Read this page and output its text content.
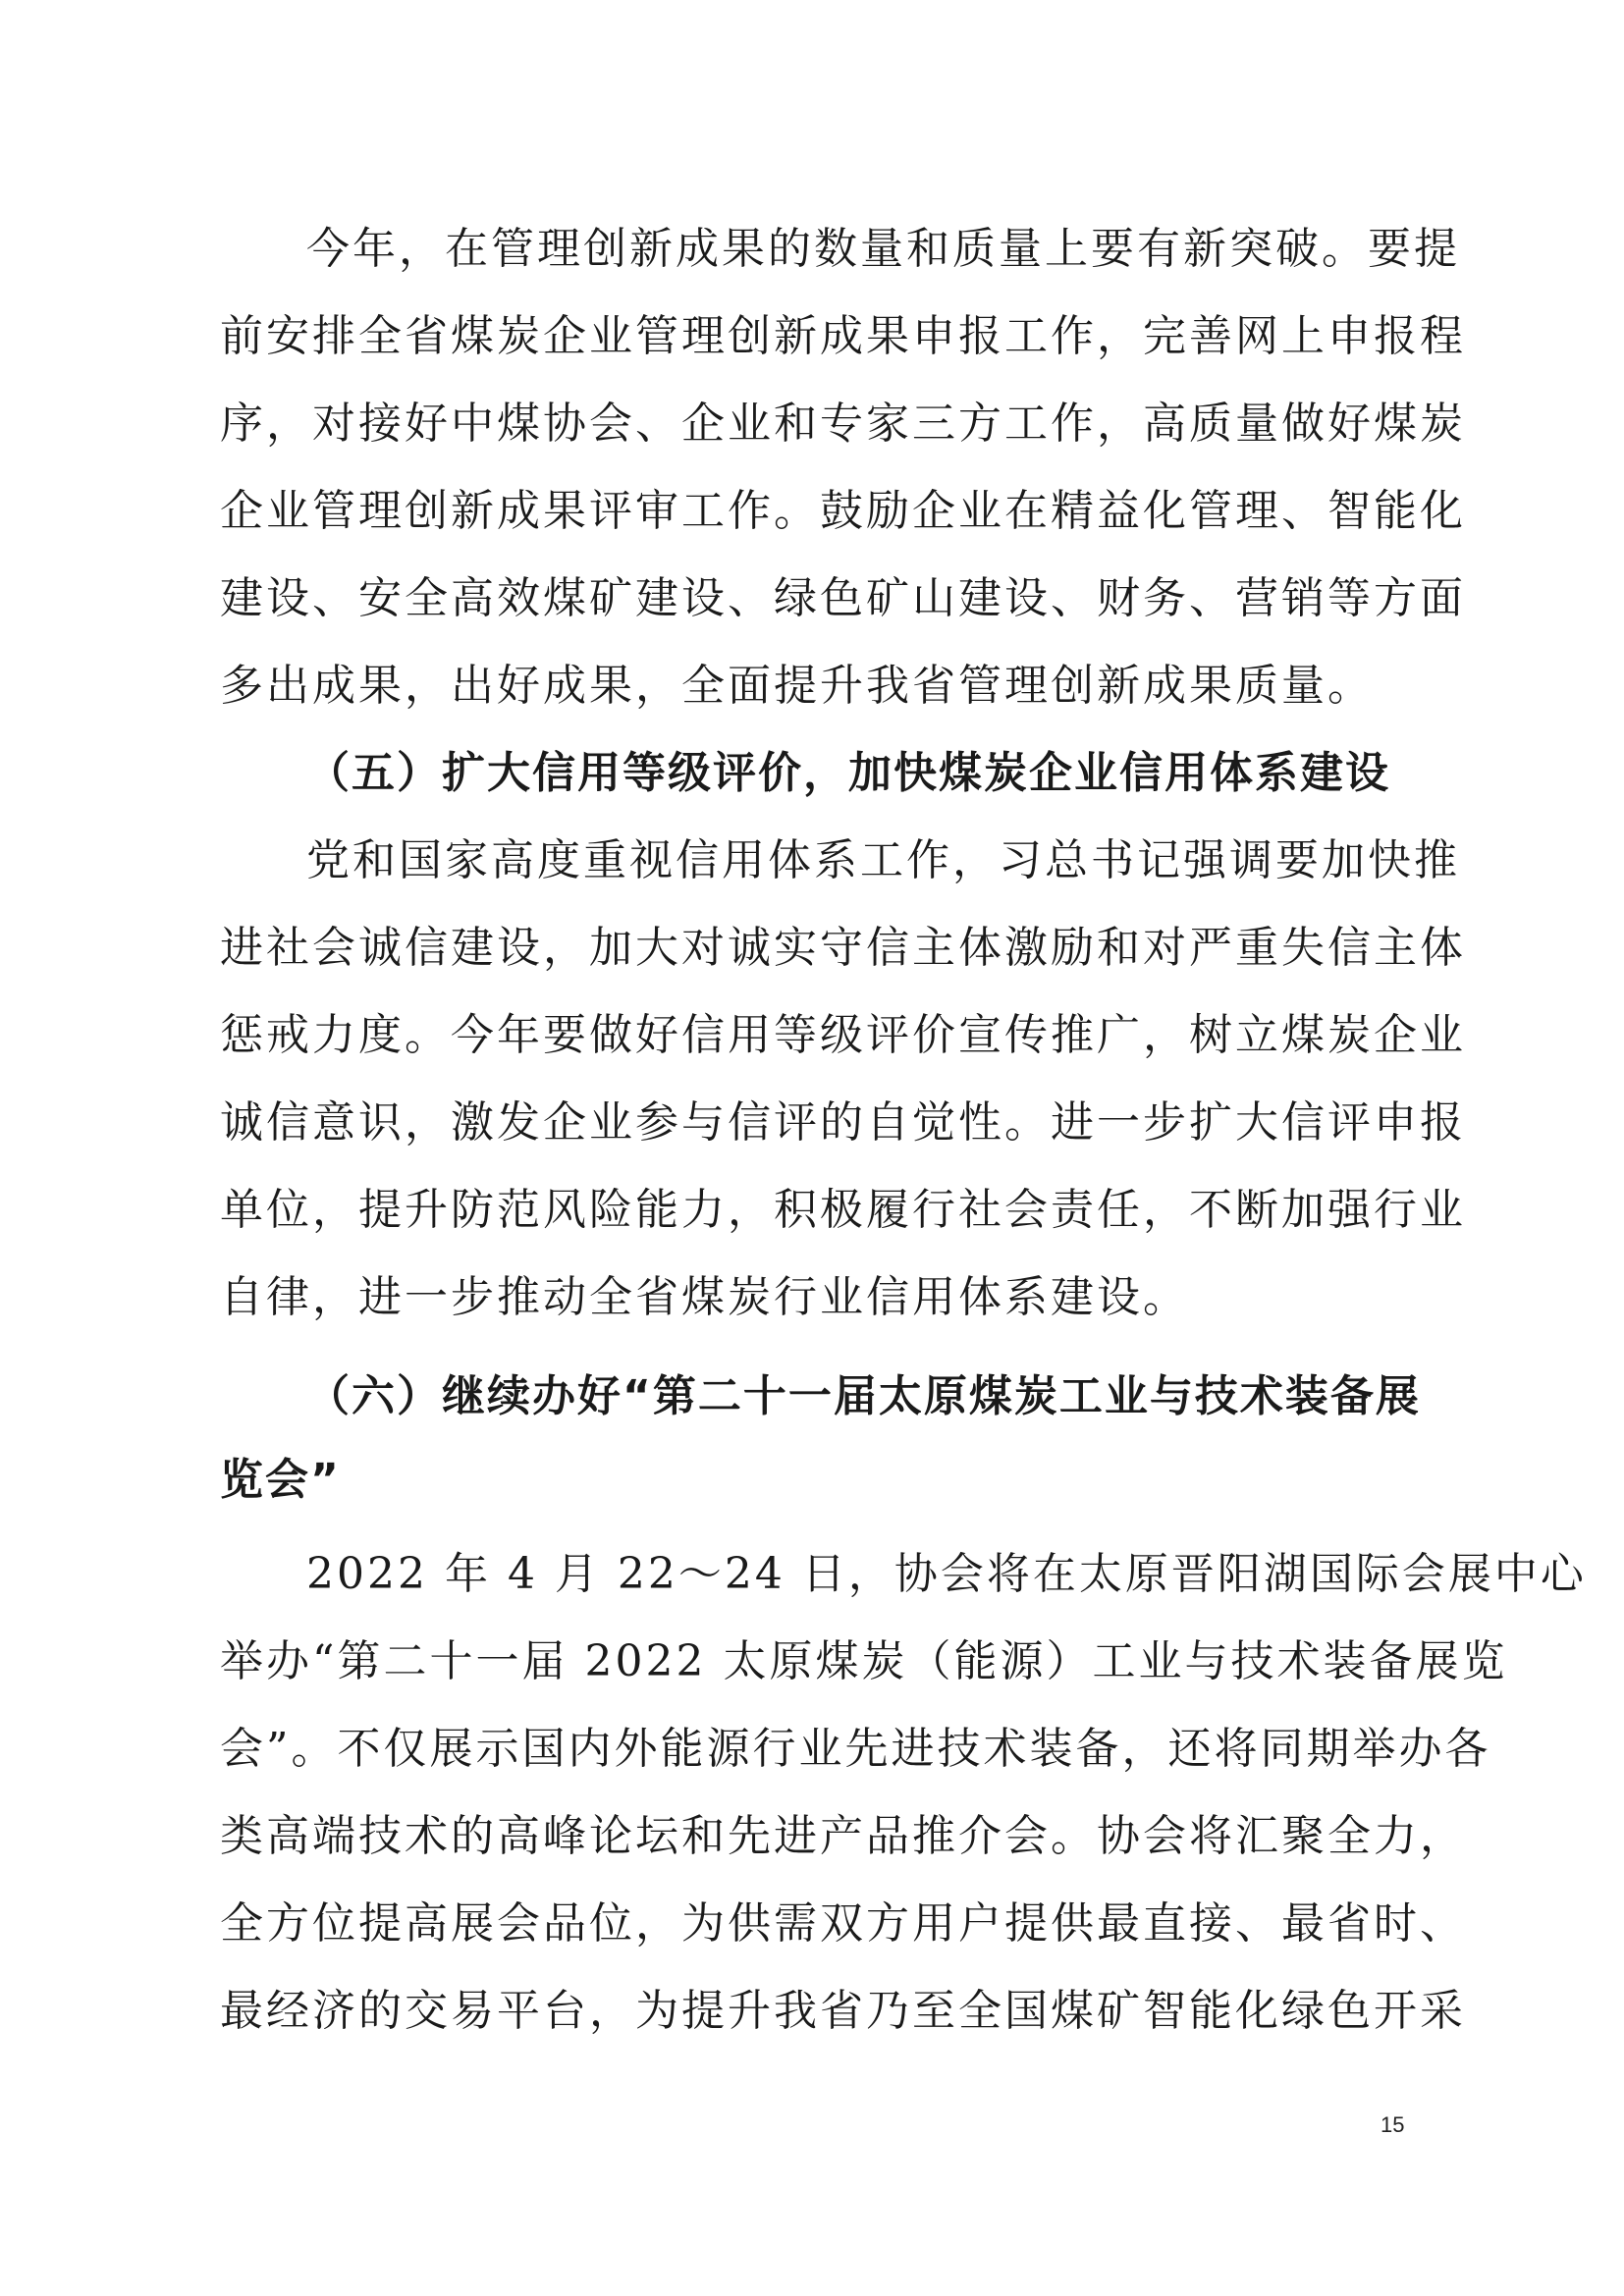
今年，在管理创新成果的数量和质量上要有新突破。要提
前安排全省煤炭企业管理创新成果申报工作，完善网上申报程
序，对接好中煤协会、企业和专家三方工作，高质量做好煤炭
企业管理创新成果评审工作。鼓励企业在精益化管理、智能化
建设、安全高效煤矿建设、绿色矿山建设、财务、营销等方面
多出成果，出好成果，全面提升我省管理创新成果质量。
（五）扩大信用等级评价，加快煤炭企业信用体系建设
党和国家高度重视信用体系工作，习总书记强调要加快推
进社会诚信建设，加大对诚实守信主体激励和对严重失信主体
惩戒力度。今年要做好信用等级评价宣传推广，树立煤炭企业
诚信意识，激发企业参与信评的自觉性。进一步扩大信评申报
单位，提升防范风险能力，积极履行社会责任，不断加强行业
自律，进一步推动全省煤炭行业信用体系建设。
（六）继续办好“第二十一届太原煤炭工业与技术装备展
览会”
2022 年 4 月 22～24 日，协会将在太原晋阳湖国际会展中心
举办“第二十一届 2022 太原煤炭（能源）工业与技术装备展览
会”。不仅展示国内外能源行业先进技术装备，还将同期举办各
类高端技术的高峰论坛和先进产品推介会。协会将汇聚全力，
全方位提高展会品位，为供需双方用户提供最直接、最省时、
最经济的交易平台，为提升我省乃至全国煤矿智能化绿色开采
15
